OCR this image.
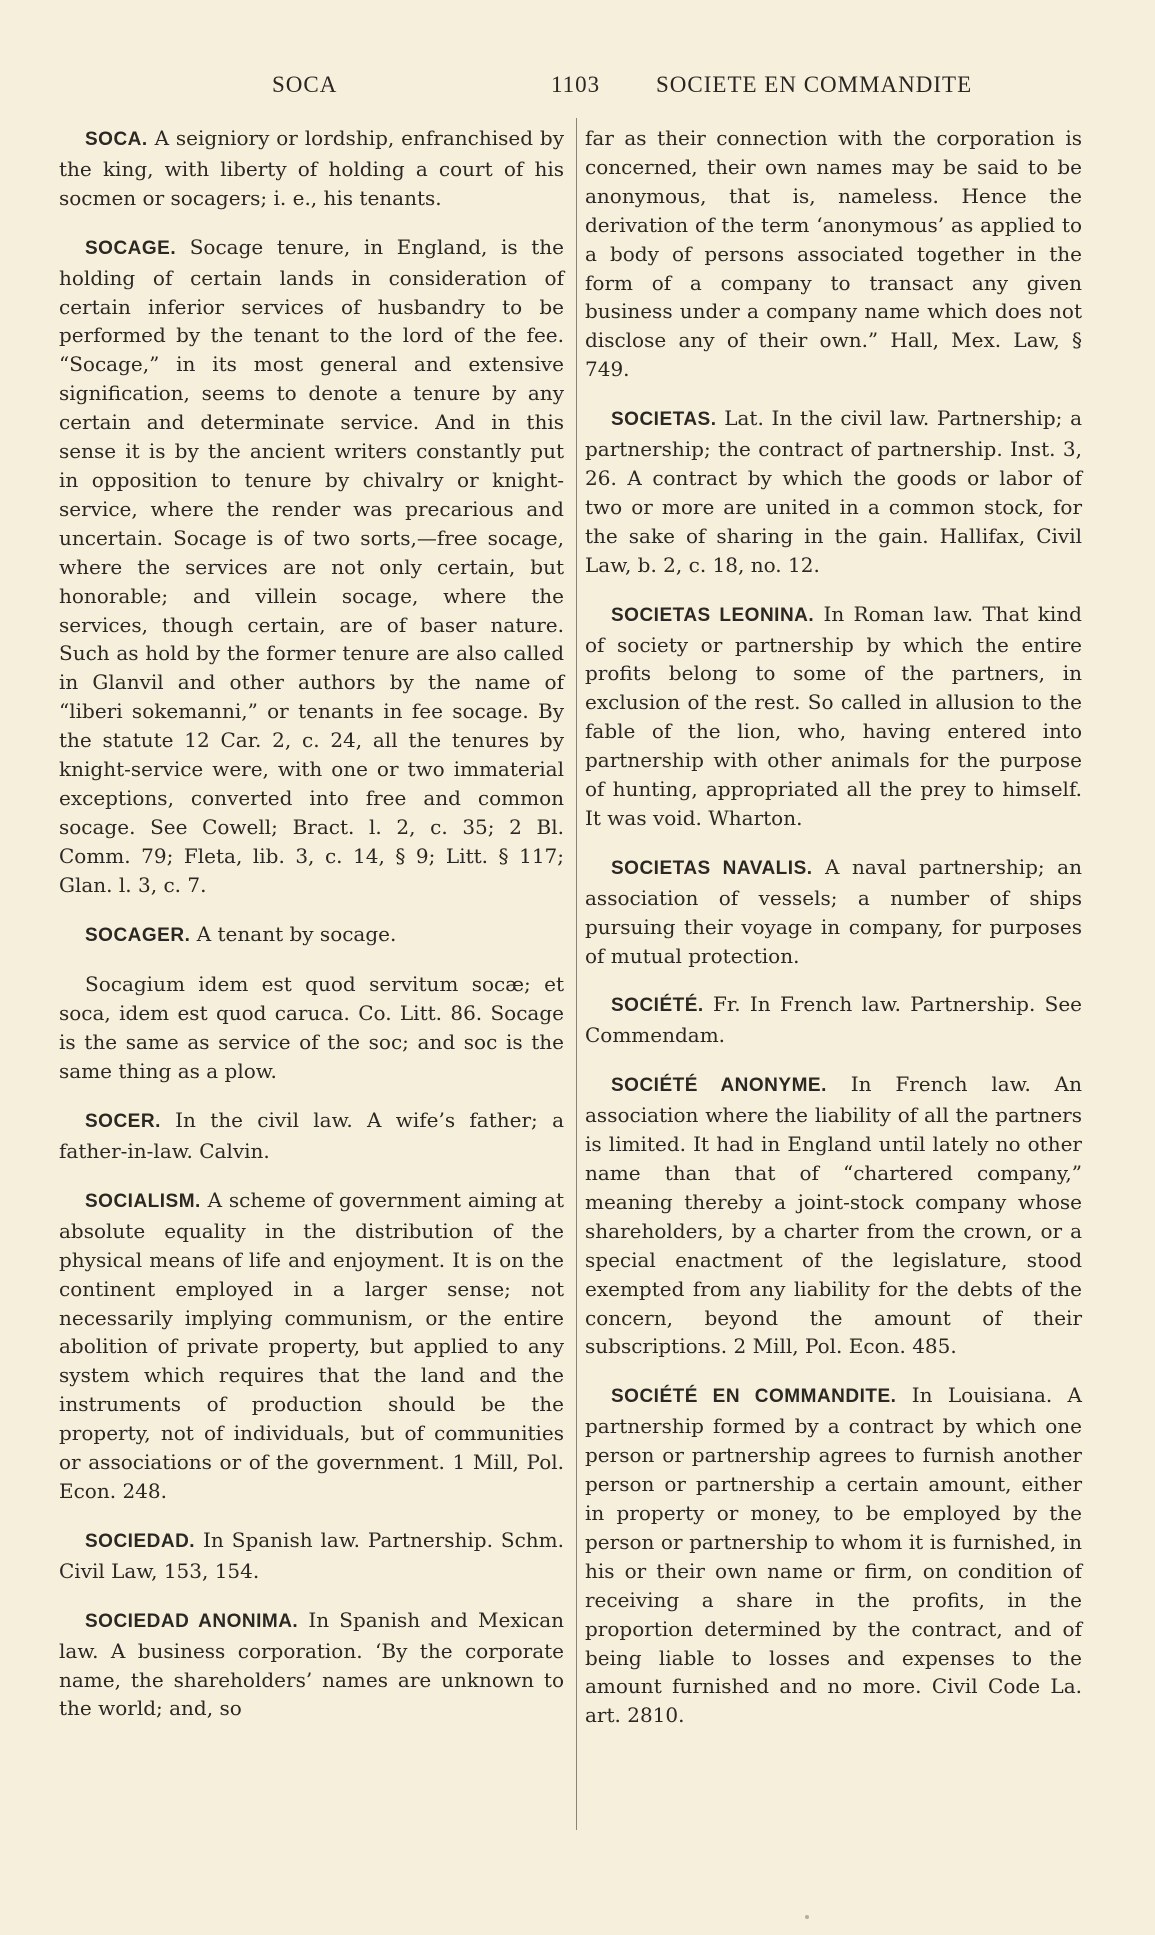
SOCA	1103 SOCIETE EN COMMANDITE

SOCA. A seigniory or lordship, enfranchised by the king, with liberty of holding a court of his socmen or socagers; i. e., his tenants.

SOCAGE. Socage tenure, in England, is the holding of certain lands in consideration of certain inferior services of husbandry to be performed by the tenant to the lord of the fee. “Socage,” in its most general and extensive signification, seems to denote a tenure by any certain and determinate service. And in this sense it is by the ancient writers constantly put in opposition to tenure by chivalry or knight-service, where the render was precarious and uncertain. Socage is of two sorts,—free socage, where the services are not only certain, but honorable; and villein socage, where the services, though certain, are of baser nature. Such as hold by the former tenure are also called in Glanvil and other authors by the name of “liberi sokemanni,” or tenants in fee socage. By the statute 12 Car. 2, c. 24, all the tenures by knight-service were, with one or two immaterial exceptions, converted into free and common socage. See Cowell; Bract. l. 2, c. 35; 2 Bl. Comm. 79; Fleta, lib. 3, c. 14, § 9; Litt. § 117; Glan. l. 3, c. 7.

SOCAGER. A tenant by socage.

Socagium idem est quod servitum socæ; et soca, idem est quod caruca. Co. Litt. 86. Socage is the same as service of the soc; and soc is the same thing as a plow.

SOCER. In the civil law. A wife’s father; a father-in-law. Calvin.

SOCIALISM. A scheme of government aiming at absolute equality in the distribution of the physical means of life and enjoyment. It is on the continent employed in a larger sense; not necessarily implying communism, or the entire abolition of private property, but applied to any system which requires that the land and the instruments of production should be the property, not of individuals, but of communities or associations or of the government. 1 Mill, Pol. Econ. 248.

SOCIEDAD. In Spanish law. Partnership. Schm. Civil Law, 153, 154.

SOCIEDAD ANONIMA. In Spanish and Mexican law. A business corporation. ‘By the corporate name, the shareholders’ names are unknown to the world; and, so

far as their connection with the corporation is concerned, their own names may be said to be anonymous, that is, nameless. Hence the derivation of the term ‘anonymous’ as applied to a body of persons associated together in the form of a company to transact any given business under a company name which does not disclose any of their own.” Hall, Mex. Law, § 749.

SOCIETAS. Lat. In the civil law. Partnership; a partnership; the contract of partnership. Inst. 3, 26. A contract by which the goods or labor of two or more are united in a common stock, for the sake of sharing in the gain. Hallifax, Civil Law, b. 2, c. 18, no. 12.

SOCIETAS LEONINA. In Roman law. That kind of society or partnership by which the entire profits belong to some of the partners, in exclusion of the rest. So called in allusion to the fable of the lion, who, having entered into partnership with other animals for the purpose of hunting, appropriated all the prey to himself. It was void. Wharton.

SOCIETAS NAVALIS. A naval partnership; an association of vessels; a number of ships pursuing their voyage in company, for purposes of mutual protection.

SOCIÉTÉ. Fr. In French law. Partnership. See Commendam.

SOCIÉTÉ ANONYME. In French law. An association where the liability of all the partners is limited. It had in England until lately no other name than that of “chartered company,” meaning thereby a joint-stock company whose shareholders, by a charter from the crown, or a special enactment of the legislature, stood exempted from any liability for the debts of the concern, beyond the amount of their subscriptions. 2 Mill, Pol. Econ. 485.

SOCIÉTÉ EN COMMANDITE. In Louisiana. A partnership formed by a contract by which one person or partnership agrees to furnish another person or partnership a certain amount, either in property or money, to be employed by the person or partnership to whom it is furnished, in his or their own name or firm, on condition of receiving a share in the profits, in the proportion determined by the contract, and of being liable to losses and expenses to the amount furnished and no more. Civil Code La. art. 2810.
